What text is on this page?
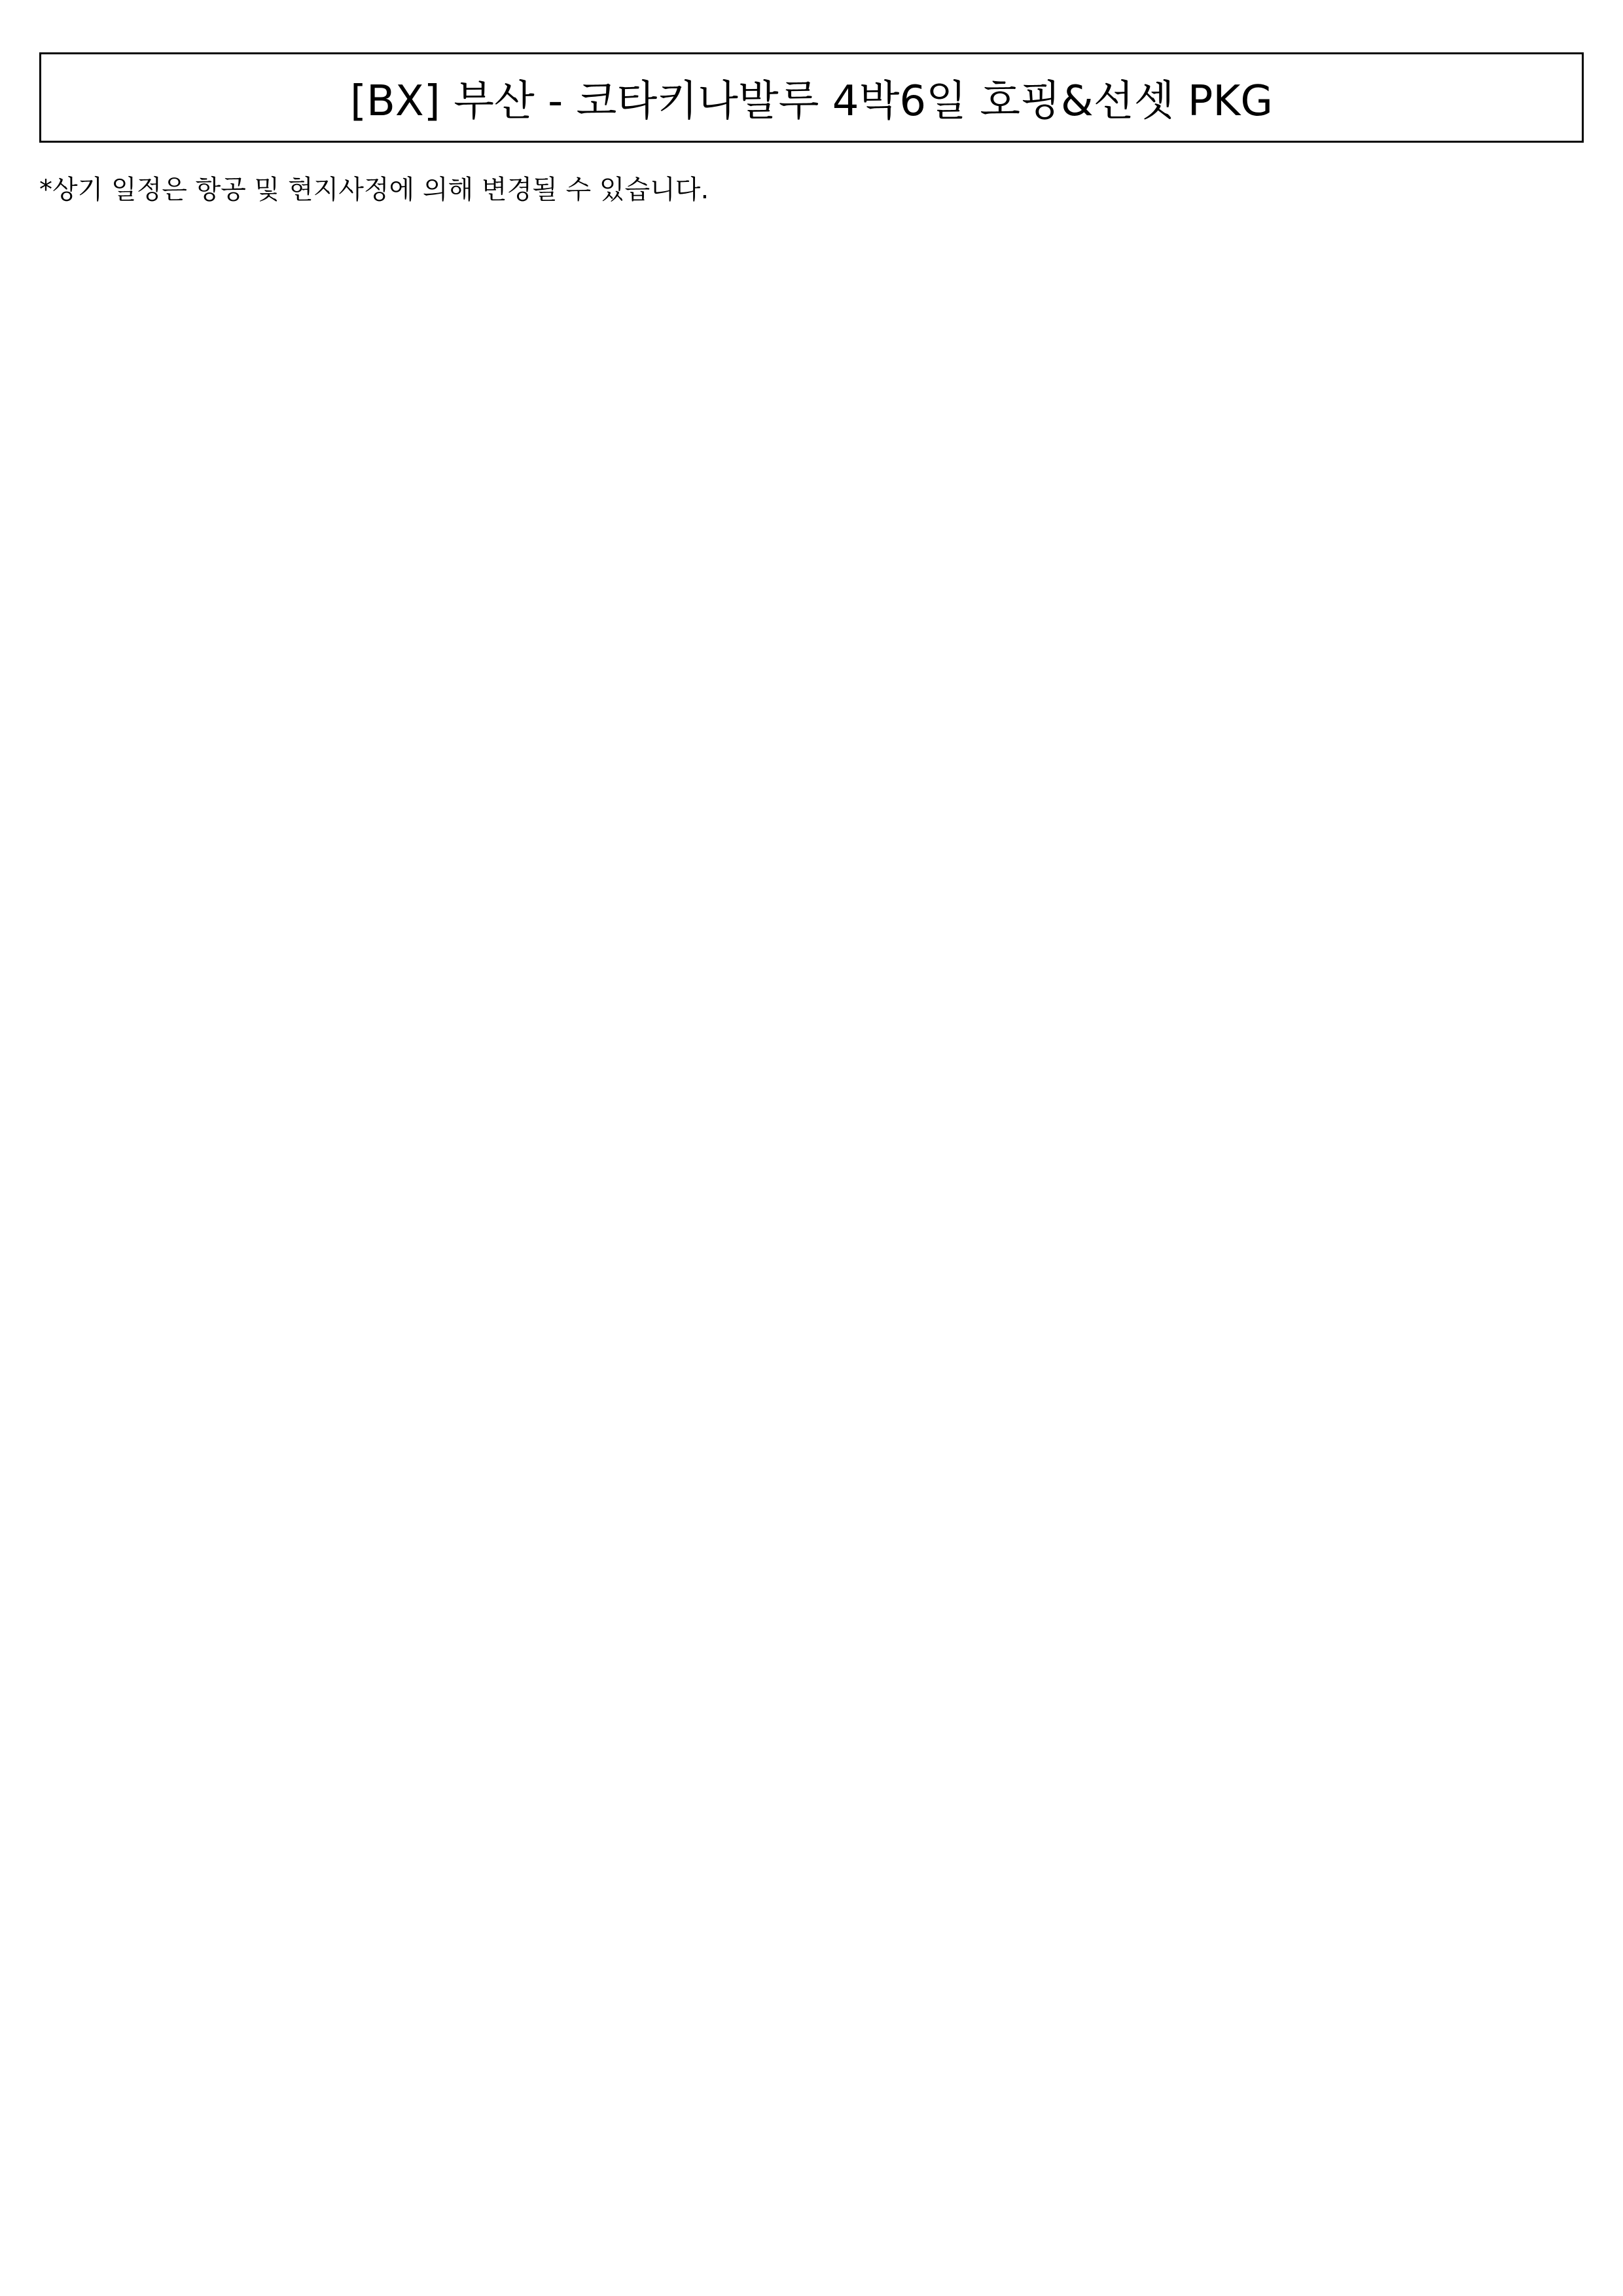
[BX] 부산 - 코타키나발루 4박6일 호핑&선셋 PKG
*상기 일정은 항공 및 현지사정에 의해 변경될 수 있습니다.
